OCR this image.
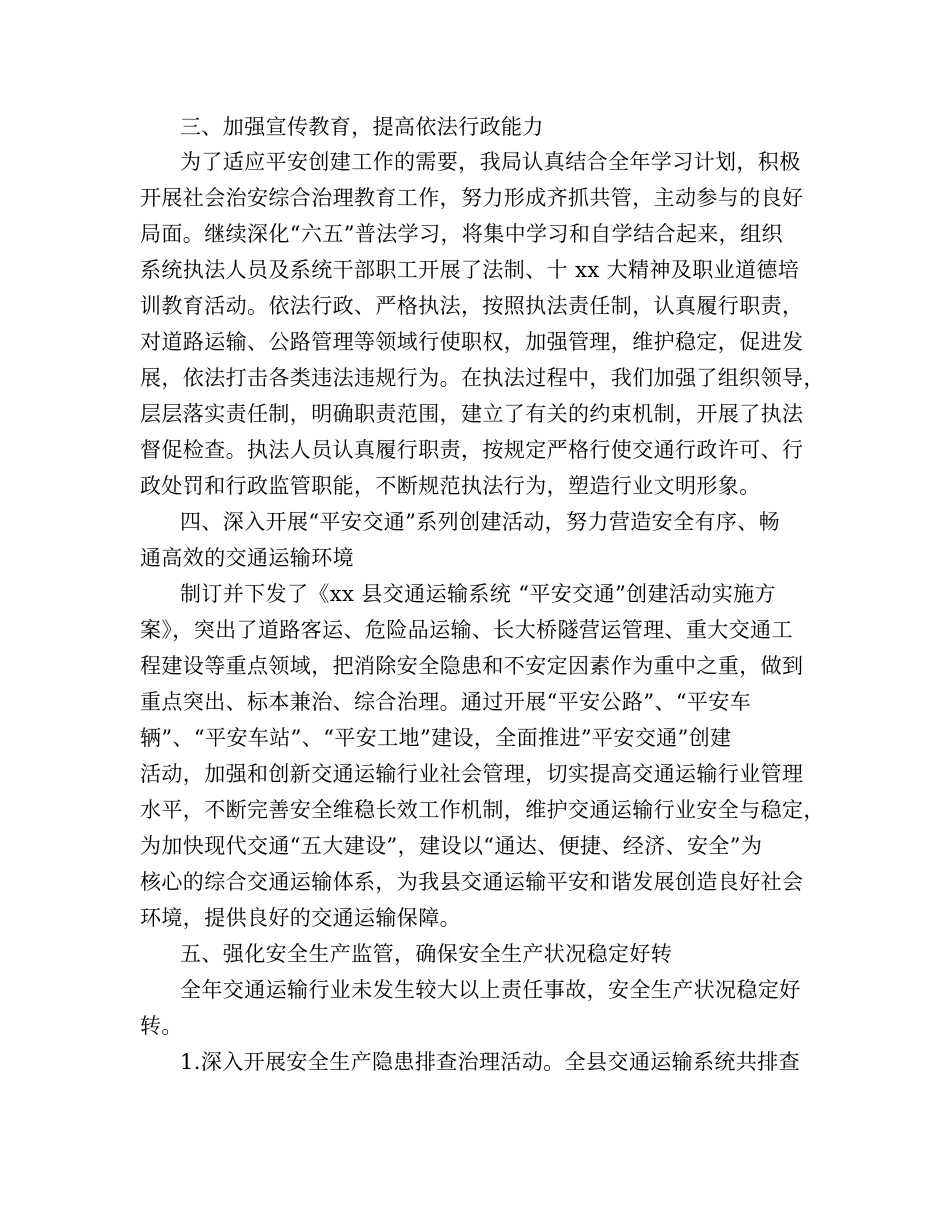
三、加强宣传教育，提高依法行政能力
为了适应平安创建工作的需要，我局认真结合全年学习计划，积极
开展社会治安综合治理教育工作，努力形成齐抓共管，主动参与的良好
局面。继续深化“六五”普法学习，将集中学习和自学结合起来，组织
系统执法人员及系统干部职工开展了法制、十 xx 大精神及职业道德培
训教育活动。依法行政、严格执法，按照执法责任制，认真履行职责，
对道路运输、公路管理等领域行使职权，加强管理，维护稳定，促进发
展，依法打击各类违法违规行为。在执法过程中，我们加强了组织领导，
层层落实责任制，明确职责范围，建立了有关的约束机制，开展了执法
督促检查。执法人员认真履行职责，按规定严格行使交通行政许可、行
政处罚和行政监管职能，不断规范执法行为，塑造行业文明形象。
四、深入开展“平安交通”系列创建活动，努力营造安全有序、畅
通高效的交通运输环境
制订并下发了《xx 县交通运输系统 “平安交通”创建活动实施方
案》，突出了道路客运、危险品运输、长大桥隧营运管理、重大交通工
程建设等重点领域，把消除安全隐患和不安定因素作为重中之重，做到
重点突出、标本兼治、综合治理。通过开展“平安公路”、“平安车
辆”、“平安车站”、“平安工地”建设，全面推进”平安交通”创建
活动，加强和创新交通运输行业社会管理，切实提高交通运输行业管理
水平，不断完善安全维稳长效工作机制，维护交通运输行业安全与稳定，
为加快现代交通“五大建设”，建设以“通达、便捷、经济、安全”为
核心的综合交通运输体系，为我县交通运输平安和谐发展创造良好社会
环境，提供良好的交通运输保障。
五、强化安全生产监管，确保安全生产状况稳定好转
全年交通运输行业未发生较大以上责任事故，安全生产状况稳定好
转。
1.深入开展安全生产隐患排查治理活动。全县交通运输系统共排查
